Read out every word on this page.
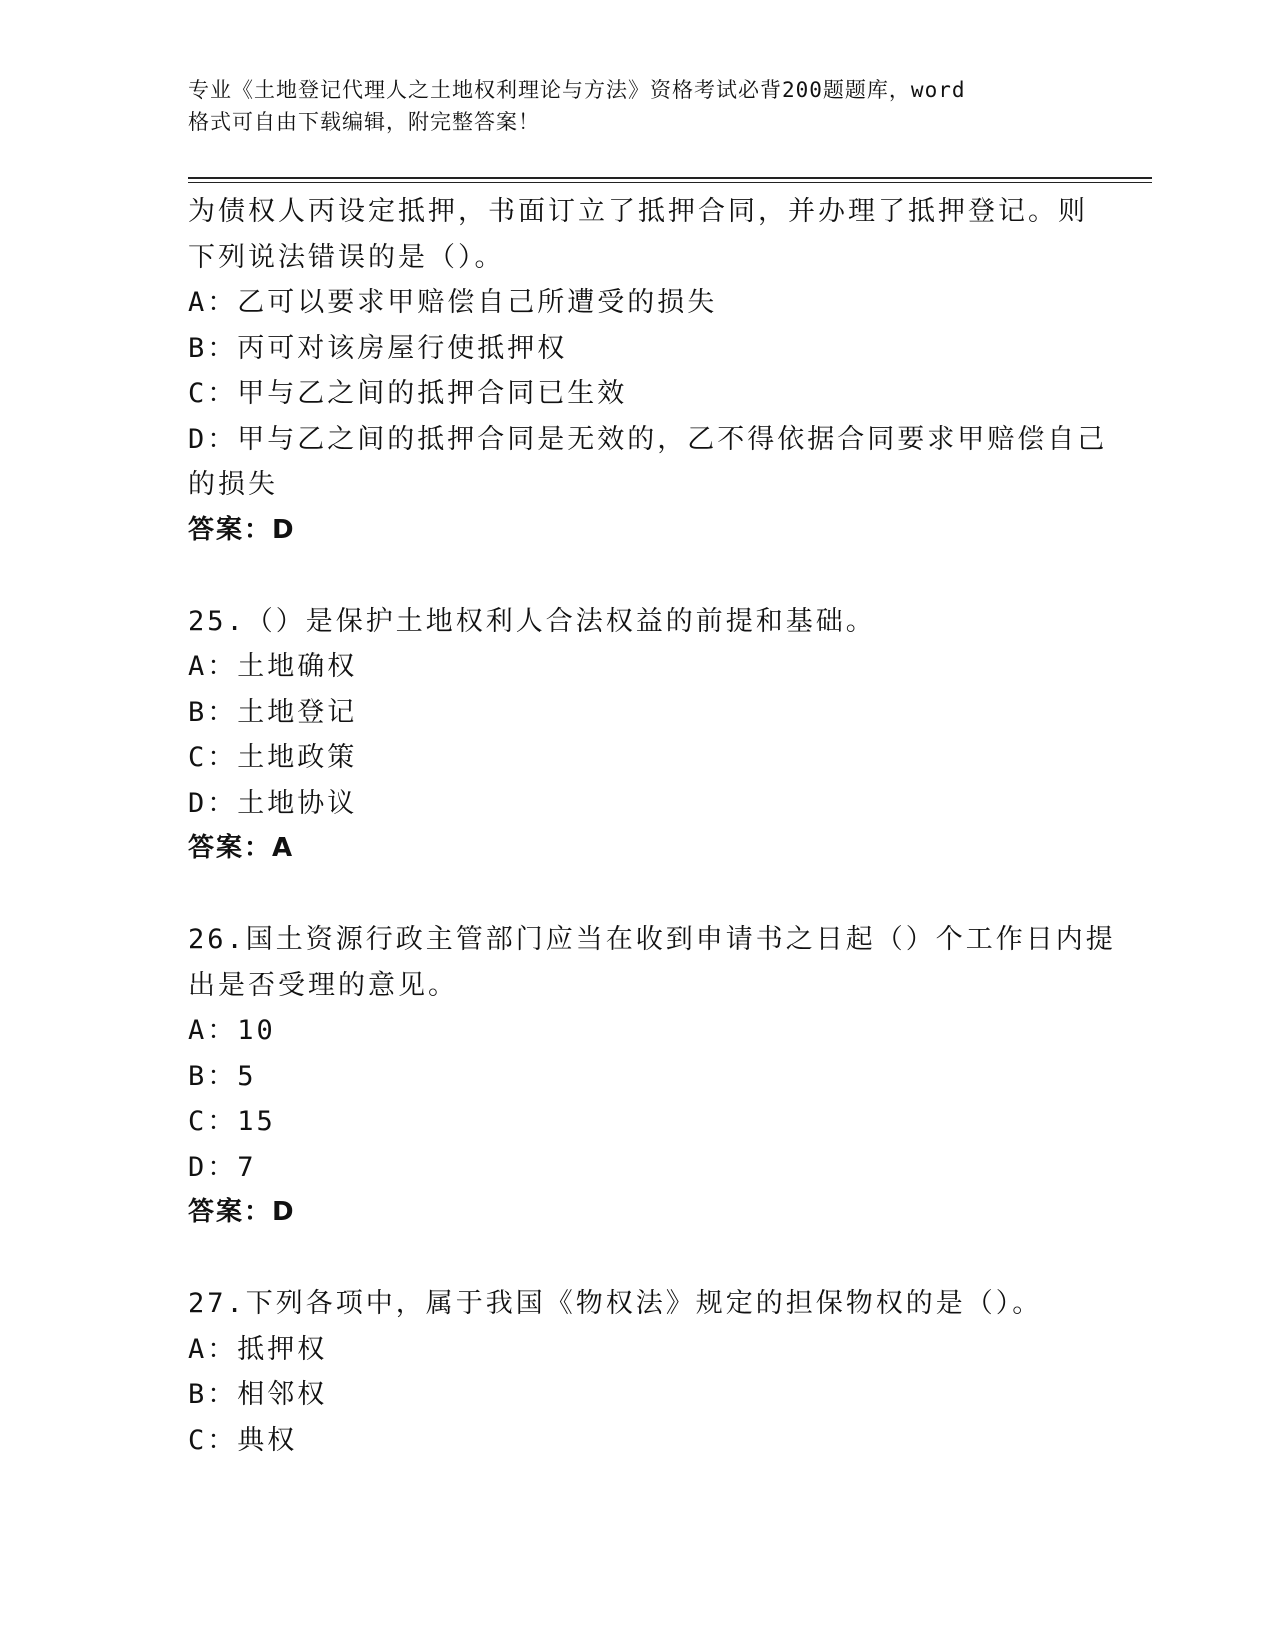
专业《土地登记代理人之土地权利理论与方法》资格考试必背200题题库，word
格式可自由下载编辑，附完整答案！
为债权人丙设定抵押，书面订立了抵押合同，并办理了抵押登记。则
下列说法错误的是（）。
A：乙可以要求甲赔偿自己所遭受的损失
B：丙可对该房屋行使抵押权
C：甲与乙之间的抵押合同已生效
D：甲与乙之间的抵押合同是无效的，乙不得依据合同要求甲赔偿自己
的损失
答案：D
25.（）是保护土地权利人合法权益的前提和基础。
A：土地确权
B：土地登记
C：土地政策
D：土地协议
答案：A
26.国土资源行政主管部门应当在收到申请书之日起（）个工作日内提
出是否受理的意见。
A：10
B：5
C：15
D：7
答案：D
27.下列各项中，属于我国《物权法》规定的担保物权的是（）。
A：抵押权
B：相邻权
C：典权
